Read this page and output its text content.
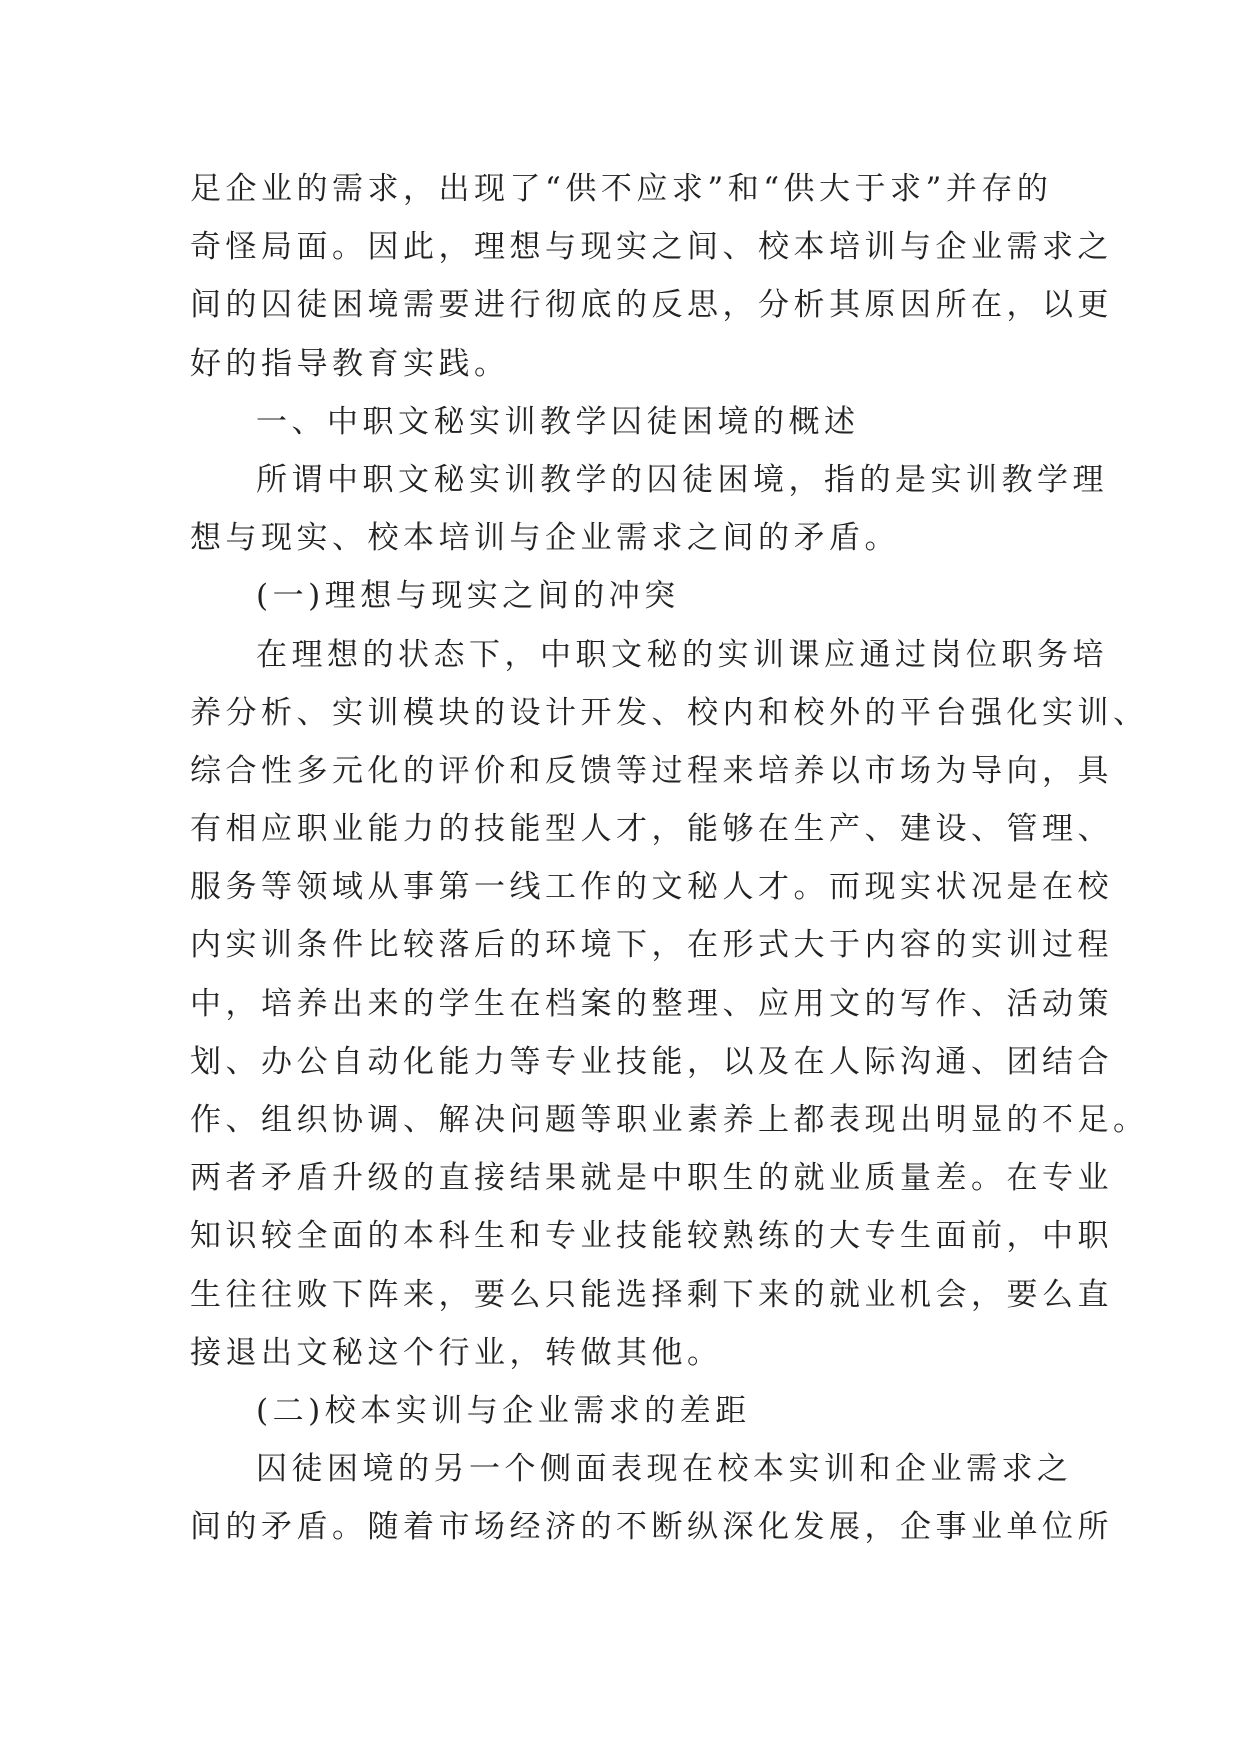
足企业的需求，出现了“供不应求”和“供大于求”并存的
奇怪局面。因此，理想与现实之间、校本培训与企业需求之
间的囚徒困境需要进行彻底的反思，分析其原因所在，以更
好的指导教育实践。
一、中职文秘实训教学囚徒困境的概述
所谓中职文秘实训教学的囚徒困境，指的是实训教学理
想与现实、校本培训与企业需求之间的矛盾。
(一)理想与现实之间的冲突
在理想的状态下，中职文秘的实训课应通过岗位职务培
养分析、实训模块的设计开发、校内和校外的平台强化实训、
综合性多元化的评价和反馈等过程来培养以市场为导向，具
有相应职业能力的技能型人才，能够在生产、建设、管理、
服务等领域从事第一线工作的文秘人才。而现实状况是在校
内实训条件比较落后的环境下，在形式大于内容的实训过程
中，培养出来的学生在档案的整理、应用文的写作、活动策
划、办公自动化能力等专业技能，以及在人际沟通、团结合
作、组织协调、解决问题等职业素养上都表现出明显的不足。
两者矛盾升级的直接结果就是中职生的就业质量差。在专业
知识较全面的本科生和专业技能较熟练的大专生面前，中职
生往往败下阵来，要么只能选择剩下来的就业机会，要么直
接退出文秘这个行业，转做其他。
(二)校本实训与企业需求的差距
囚徒困境的另一个侧面表现在校本实训和企业需求之
间的矛盾。随着市场经济的不断纵深化发展，企事业单位所
